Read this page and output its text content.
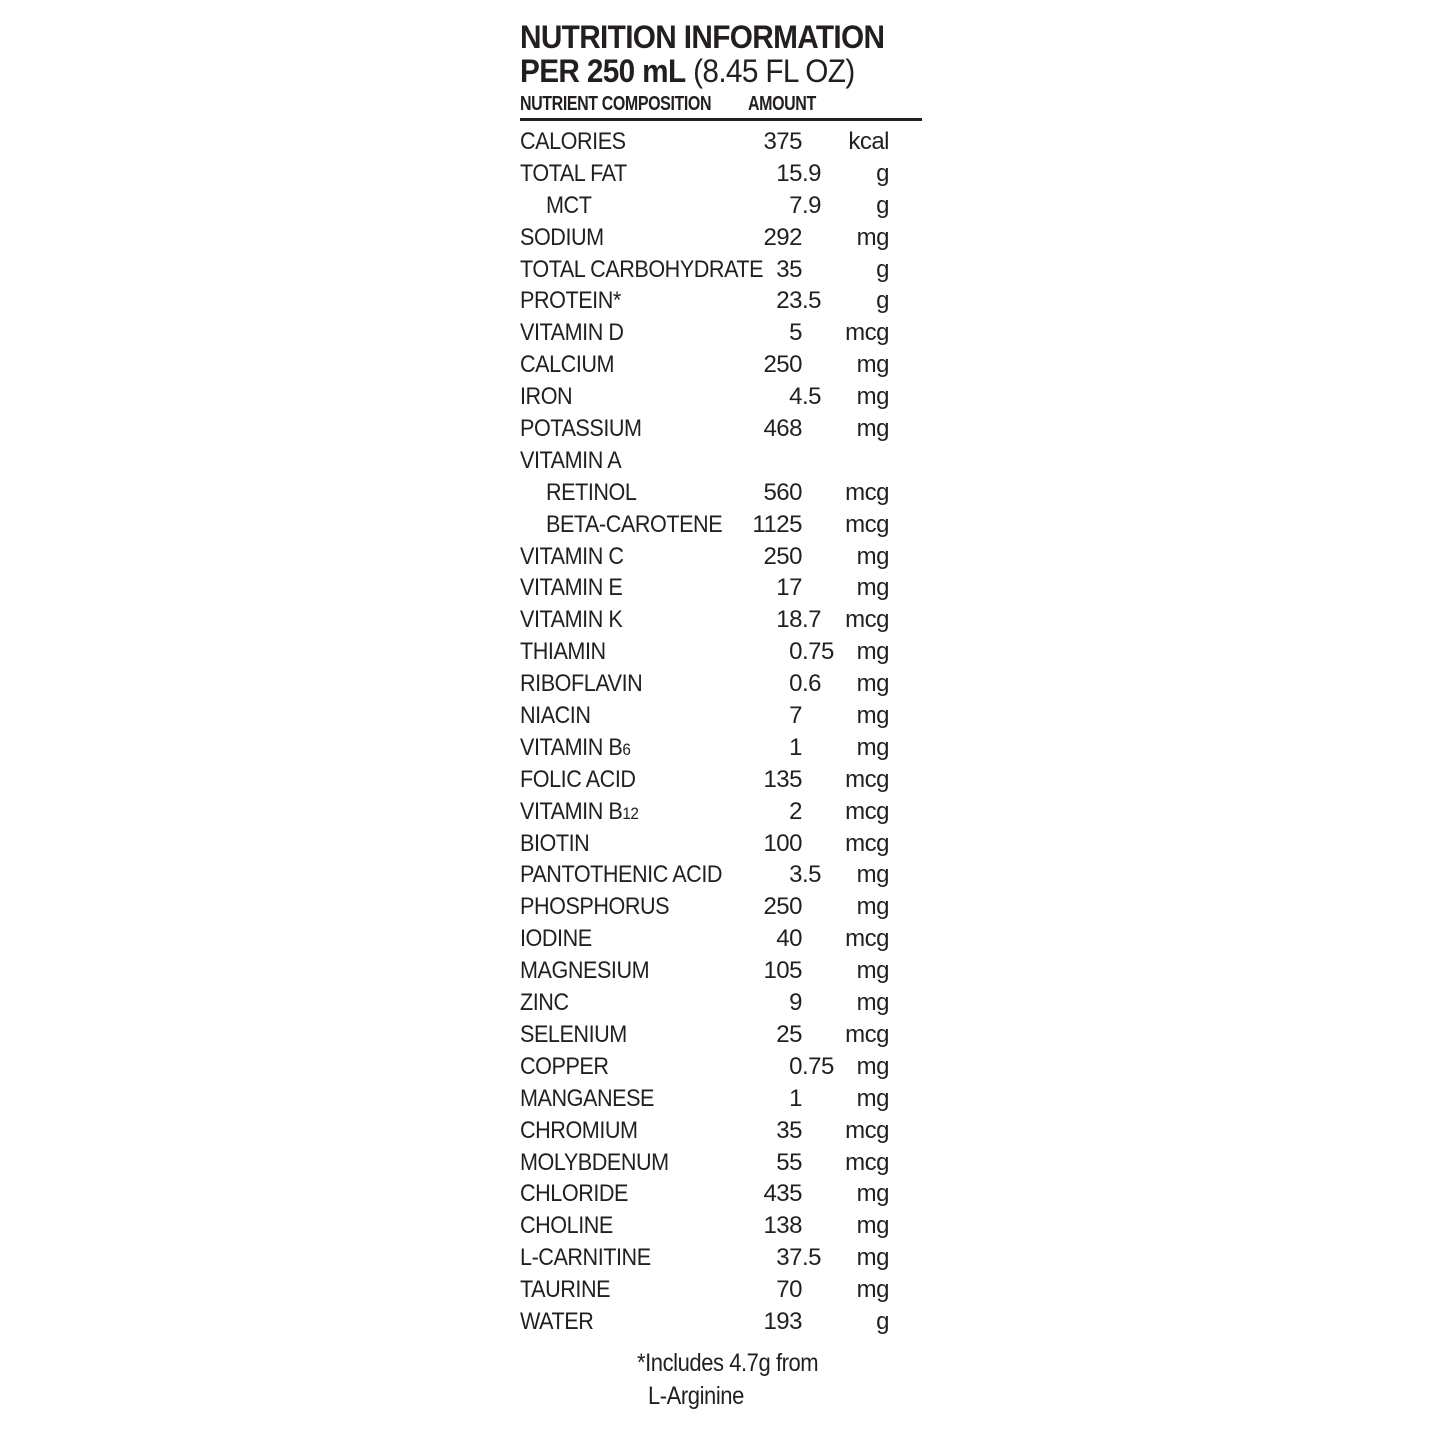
NUTRITION INFORMATION
PER 250 mL (8.45 FL OZ)
NUTRIENT COMPOSITION AMOUNT
CALORIES	375	kcal
TOTAL FAT	15 .9	g
MCT	7 .9	g
SODIUM	292	mg
TOTAL CARBOHYDRATE 35	g
PROTEIN*	23 .5	g
VITAMIN D	5	mcg
CALCIUM	250	mg
IRON	4 .5	mg
POTASSIUM	468	mg
VITAMIN A
RETINOL	560	mcg
BETA-CAROTENE	1125	mcg
VITAMIN C	250	mg
VITAMIN E	17	mg
VITAMIN K	18 .7	mcg
THIAMIN	0 .75 mg
RIBOFLAVIN	0 .6	mg
NIACIN	7	mg
VITAMIN B6	1	mg
FOLIC ACID	135	mcg
VITAMIN B12	2	mcg
BIOTIN	100	mcg
PANTOTHENIC ACID	3 .5	mg
PHOSPHORUS	250	mg
IODINE	40	mcg
MAGNESIUM	105	mg
ZINC	9	mg
SELENIUM	25	mcg
COPPER	0 .75 mg
MANGANESE	1	mg
CHROMIUM	35	mcg
MOLYBDENUM	55	mcg
CHLORIDE	435	mg
CHOLINE	138	mg
L-CARNITINE	37 .5	mg
TAURINE	70	mg
WATER	193	g
*Includes 4.7g from
L-Arginine
